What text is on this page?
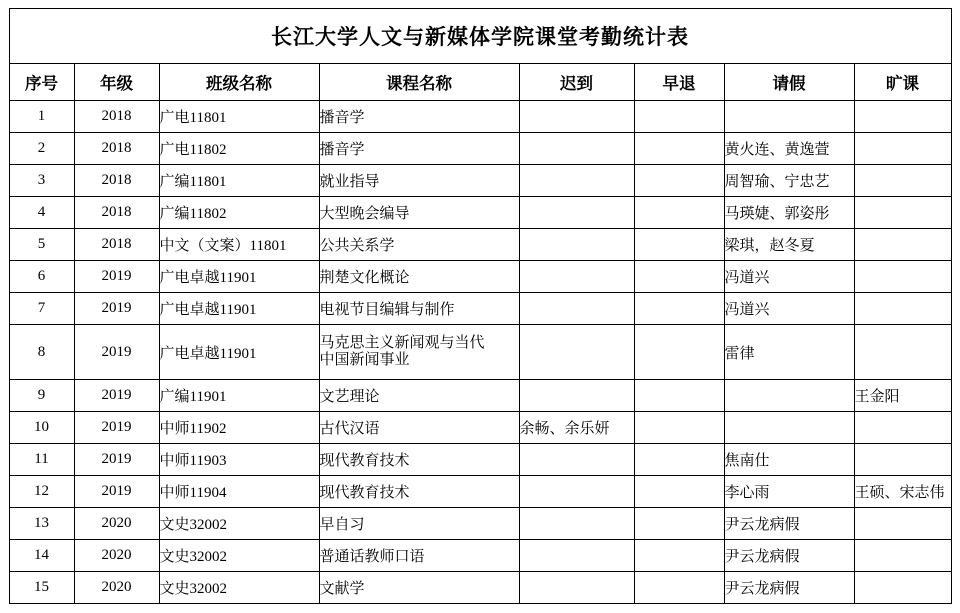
长江大学人文与新媒体学院课堂考勤统计表							
序号	年级	班级名称	课程名称	迟到	早退	请假	旷课
1	2018	广电11801	播音学				
2	2018	广电11802	播音学			黄火连、黄逸萱	
3	2018	广编11801	就业指导			周智瑜、宁忠艺	
4	2018	广编11802	大型晚会编导			马瑛婕、郭姿彤	
5	2018	中文（文案）11801	公共关系学			梁琪，赵冬夏	
6	2019	广电卓越11901	荆楚文化概论			冯道兴	
7	2019	广电卓越11901	电视节目编辑与制作			冯道兴	
8	2019	广电卓越11901	马克思主义新闻观与当代
中国新闻事业			雷律	
9	2019	广编11901	文艺理论				王金阳
10	2019	中师11902	古代汉语	余畅、余乐妍			
11	2019	中师11903	现代教育技术			焦南仕	
12	2019	中师11904	现代教育技术			李心雨	王硕、宋志伟
13	2020	文史32002	早自习			尹云龙病假	
14	2020	文史32002	普通话教师口语			尹云龙病假	
15	2020	文史32002	文献学			尹云龙病假	
